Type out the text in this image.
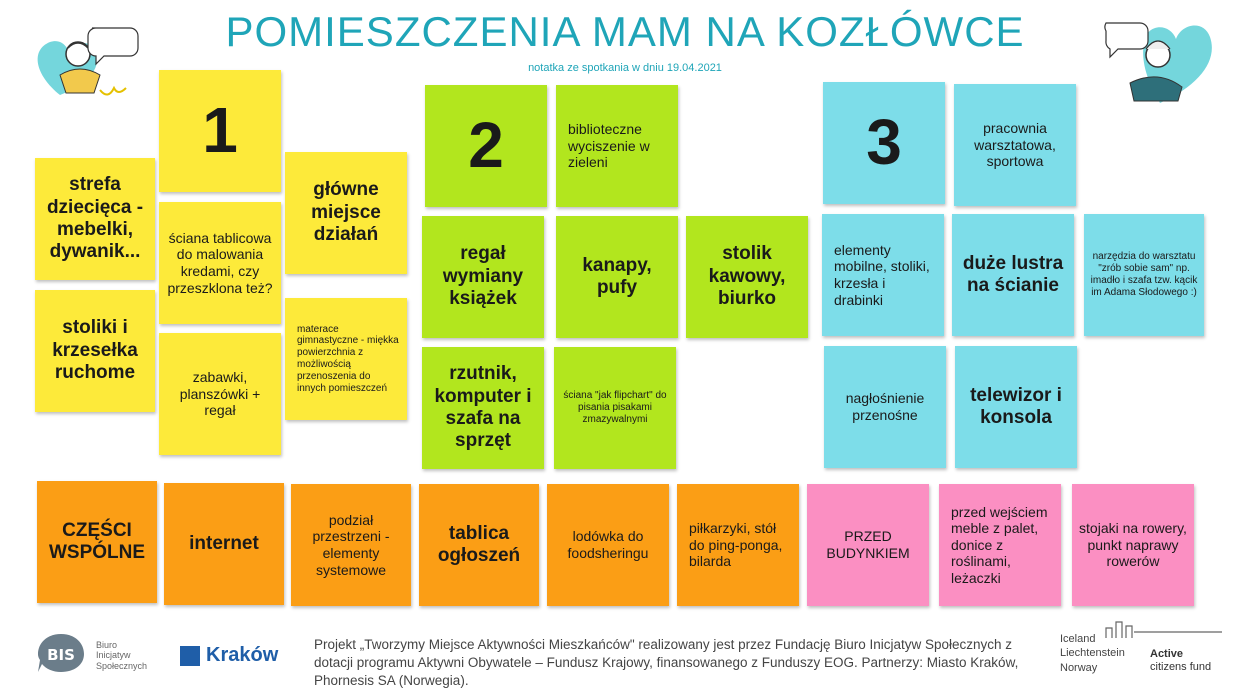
POMIESZCZENIA MAM NA KOZŁÓWCE
notatka ze spotkania w dniu 19.04.2021
1
strefa dziecięca - mebelki, dywanik...
główne miejsce działań
ściana tablicowa do malowania kredami, czy przeszklona też?
stoliki i krzesełka ruchome
materace gimnastyczne - miękka powierzchnia z możliwością przenoszenia do innych pomieszczeń
zabawki, planszówki + regał
2	biblioteczne wyciszenie w zieleni
regał wymiany książek
kanapy, pufy
stolik kawowy, biurko
rzutnik, komputer i szafa na sprzęt
ściana "jak flipchart" do pisania pisakami zmazywalnymi
3	pracownia warsztatowa, sportowa
elementy mobilne, stoliki, krzesła i drabinki
duże lustra na ścianie
narzędzia do warsztatu "zrób sobie sam" np. imadło i szafa tzw. kącik im Adama Słodowego :)
nagłośnienie przenośne
telewizor i konsola
CZĘŚCI WSPÓLNE	internet
podział przestrzeni - elementy systemowe
tablica ogłoszeń
lodówka do foodsheringu
piłkarzyki, stół do ping-ponga, bilarda
PRZED BUDYNKIEM
przed wejściem meble z palet, donice z roślinami, leżaczki
stojaki na rowery, punkt naprawy rowerów
BIS
Biuro
Inicjatyw
Społecznych	Kraków	Projekt „Tworzymy Miejsce Aktywności Mieszkańców" realizowany jest przez Fundację Biuro Inicjatyw Społecznych z dotacji programu Aktywni Obywatele – Fundusz Krajowy, finansowanego z Funduszy EOG. Partnerzy: Miasto Kraków, Phornesis SA (Norwegia).
Iceland
Liechtenstein
Norway
Active
citizens fund
